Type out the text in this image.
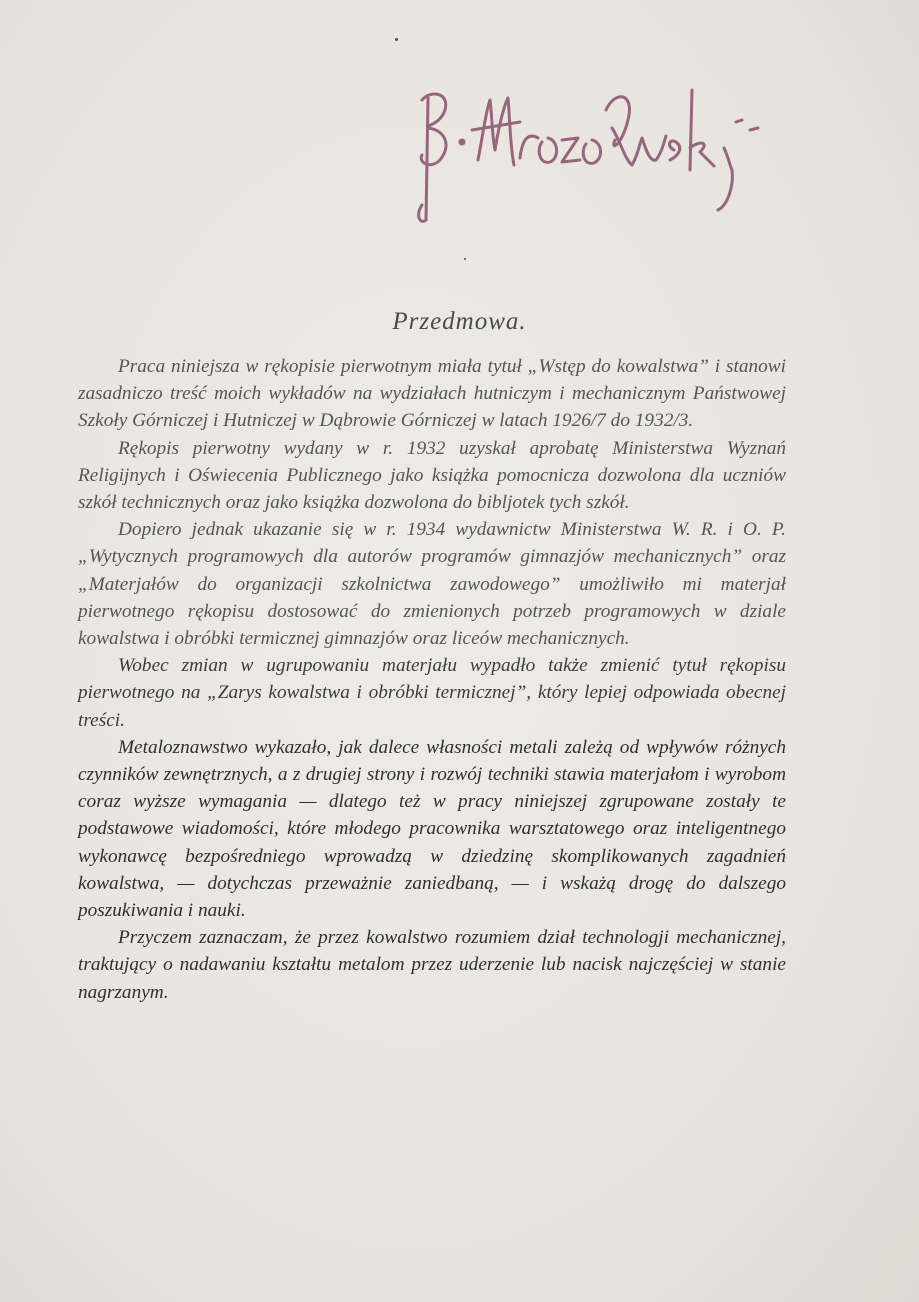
Przedmowa.

Praca niniejsza w rękopisie pierwotnym miała tytuł „Wstęp do kowalstwa” i stanowi zasadniczo treść moich wykładów na wydziałach hutniczym i mechanicznym Państwowej Szkoły Górniczej i Hutniczej w Dąbrowie Górniczej w latach 1926/7 do 1932/3.

Rękopis pierwotny wydany w r. 1932 uzyskał aprobatę Ministerstwa Wyznań Religijnych i Oświecenia Publicznego jako książka pomocnicza dozwolona dla uczniów szkół technicznych oraz jako książka dozwolona do bibljotek tych szkół.

Dopiero jednak ukazanie się w r. 1934 wydawnictw Ministerstwa W. R. i O. P. „Wytycznych programowych dla autorów programów gimnazjów mechanicznych” oraz „Materjałów do organizacji szkolnictwa zawodowego” umożliwiło mi materjał pierwotnego rękopisu dostosować do zmienionych potrzeb programowych w dziale kowalstwa i obróbki termicznej gimnazjów oraz liceów mechanicznych.

Wobec zmian w ugrupowaniu materjału wypadło także zmienić tytuł rękopisu pierwotnego na „Zarys kowalstwa i obróbki termicznej”, który lepiej odpowiada obecnej treści.

Metaloznawstwo wykazało, jak dalece własności metali zależą od wpływów różnych czynników zewnętrznych, a z drugiej strony i rozwój techniki stawia materjałom i wyrobom coraz wyższe wymagania — dlatego też w pracy niniejszej zgrupowane zostały te podstawowe wiadomości, które młodego pracownika warsztatowego oraz inteligentnego wykonawcę bezpośredniego wprowadzą w dziedzinę skomplikowanych zagadnień kowalstwa, — dotychczas przeważnie zaniedbaną, — i wskażą drogę do dalszego poszukiwania i nauki.

Przyczem zaznaczam, że przez kowalstwo rozumiem dział technologji mechanicznej, traktujący o nadawaniu kształtu metalom przez uderzenie lub nacisk najczęściej w stanie nagrzanym.
